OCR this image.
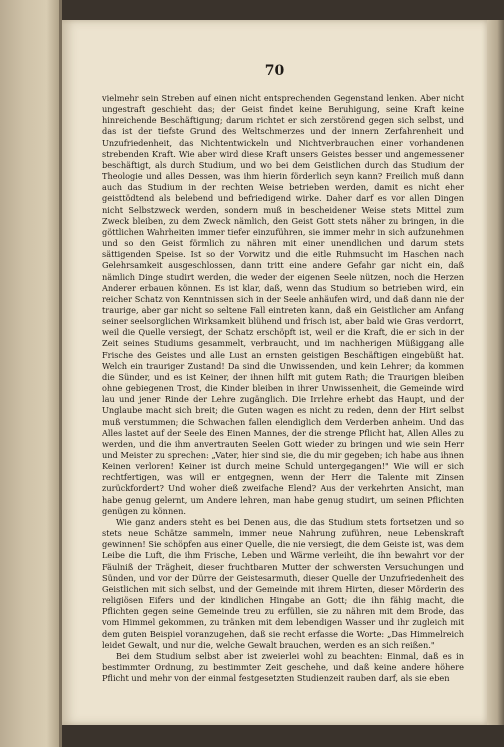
70

vielmehr sein Streben auf einen nicht entsprechenden Gegenstand lenken. Aber nicht ungestraft geschieht das; der Geist findet keine Beruhigung, seine Kraft keine hinreichende Beschäftigung; darum richtet er sich zerstörend gegen sich selbst, und das ist der tiefste Grund des Weltschmerzes und der innern Zerfahrenheit und Unzufriedenheit, das Nichtentwickeln und Nichtverbrauchen einer vorhandenen strebenden Kraft. Wie aber wird diese Kraft unsers Geistes besser und angemessener beschäftigt, als durch Studium, und wo bei dem Geistlichen durch das Studium der Theologie und alles Dessen, was ihm hierin förderlich seyn kann? Freilich muß dann auch das Studium in der rechten Weise betrieben werden, damit es nicht eher geisttödtend als belebend und befriedigend wirke. Daher darf es vor allen Dingen nicht Selbstzweck werden, sondern muß in bescheidener Weise stets Mittel zum Zweck bleiben, zu dem Zweck nämlich, den Geist Gott stets näher zu bringen, in die göttlichen Wahrheiten immer tiefer einzuführen, sie immer mehr in sich aufzunehmen und so den Geist förmlich zu nähren mit einer unendlichen und darum stets sättigenden Speise. Ist so der Vorwitz und die eitle Ruhmsucht im Haschen nach Gelehrsamkeit ausgeschlossen, dann tritt eine andere Gefahr gar nicht ein, daß nämlich Dinge studirt werden, die weder der eigenen Seele nützen, noch die Herzen Anderer erbauen können. Es ist klar, daß, wenn das Studium so betrieben wird, ein reicher Schatz von Kenntnissen sich in der Seele anhäufen wird, und daß dann nie der traurige, aber gar nicht so seltene Fall eintreten kann, daß ein Geistlicher am Anfang seiner seelsorglichen Wirksamkeit blühend und frisch ist, aber bald wie Gras verdorrt, weil die Quelle versiegt, der Schatz erschöpft ist, weil er die Kraft, die er sich in der Zeit seines Studiums gesammelt, verbraucht, und im nachherigen Müßiggang alle Frische des Geistes und alle Lust an ernsten geistigen Beschäftigen eingebüßt hat. Welch ein trauriger Zustand! Da sind die Unwissenden, und kein Lehrer; da kommen die Sünder, und es ist Keiner, der ihnen hilft mit gutem Rath; die Traurigen bleiben ohne gebiegenen Trost, die Kinder bleiben in ihrer Unwissenheit, die Gemeinde wird lau und jener Rinde der Lehre zugänglich. Die Irrlehre erhebt das Haupt, und der Unglaube macht sich breit; die Guten wagen es nicht zu reden, denn der Hirt selbst muß verstummen; die Schwachen fallen elendiglich dem Verderben anheim. Und das Alles lastet auf der Seele des Einen Mannes, der die strenge Pflicht hat, Allen Alles zu werden, und die ihm anvertrauten Seelen Gott wieder zu bringen und wie sein Herr und Meister zu sprechen: „Vater, hier sind sie, die du mir gegeben; ich habe aus ihnen Keinen verloren! Keiner ist durch meine Schuld untergegangen!" Wie will er sich rechtfertigen, was will er entgegnen, wenn der Herr die Talente mit Zinsen zurückfordert? Und woher dieß zweifache Elend? Aus der verkehrten Ansicht, man habe genug gelernt, um Andere lehren, man habe genug studirt, um seinen Pflichten genügen zu können.

Wie ganz anders steht es bei Denen aus, die das Studium stets fortsetzen und so stets neue Schätze sammeln, immer neue Nahrung zuführen, neue Lebenskraft gewinnen! Sie schöpfen aus einer Quelle, die nie versiegt, die dem Geiste ist, was dem Leibe die Luft, die ihm Frische, Leben und Wärme verleiht, die ihn bewahrt vor der Fäulniß der Trägheit, dieser fruchtbaren Mutter der schwersten Versuchungen und Sünden, und vor der Dürre der Geistesarmuth, dieser Quelle der Unzufriedenheit des Geistlichen mit sich selbst, und der Gemeinde mit ihrem Hirten, dieser Mörderin des religiösen Eifers und der kindlichen Hingabe an Gott; die ihn fähig macht, die Pflichten gegen seine Gemeinde treu zu erfüllen, sie zu nähren mit dem Brode, das vom Himmel gekommen, zu tränken mit dem lebendigen Wasser und ihr zugleich mit dem guten Beispiel voranzugehen, daß sie recht erfasse die Worte: „Das Himmelreich leidet Gewalt, und nur die, welche Gewalt brauchen, werden es an sich reißen."

Bei dem Studium selbst aber ist zweierlei wohl zu beachten: Einmal, daß es in bestimmter Ordnung, zu bestimmter Zeit geschehe, und daß keine andere höhere Pflicht und mehr von der einmal festgesetzten Studienzeit rauben darf, als sie eben
